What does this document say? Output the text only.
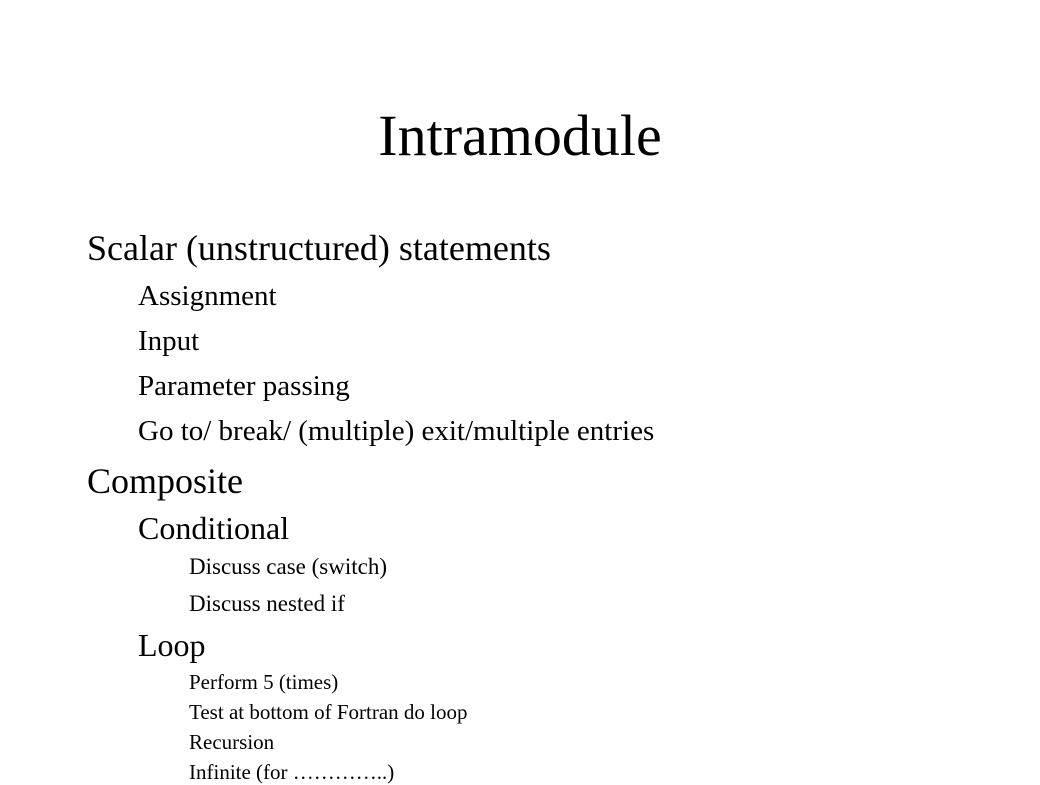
Intramodule
Scalar (unstructured) statements
Assignment
Input
Parameter passing
Go to/ break/ (multiple) exit/multiple entries
Composite
Conditional
Discuss case (switch)
Discuss nested if
Loop
Perform 5 (times)
Test at bottom of Fortran do loop
Recursion
Infinite (for …………..)
